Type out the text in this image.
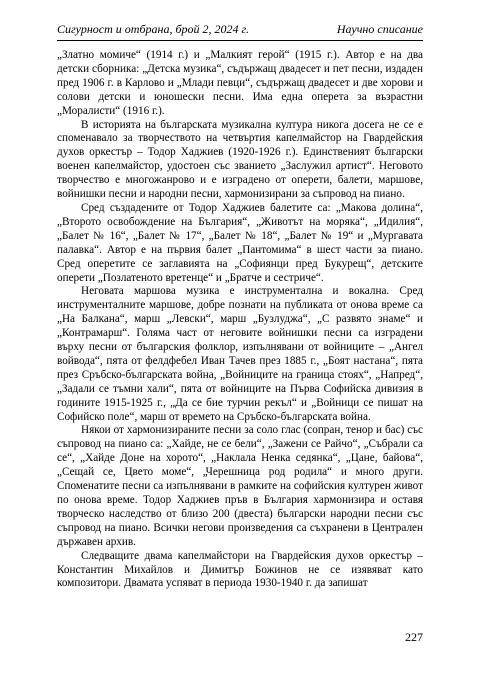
Сигурност и отбрана, брой 2, 2024 г.	Научно списание

„Златно момиче“ (1914 г.) и „Малкият герой“ (1915 г.). Автор е на два детски сборника: „Детска музика“, съдържащ двадесет и пет песни, издаден пред 1906 г. в Карлово и „Млади певци“, съдържащ двадесет и две хорови и солови детски и юношески песни. Има една оперета за възрастни „Моралисти“ (1916 г.).

В историята на българската музикална култура никога досега не се е споменавало за творчеството на четвъртия капелмайстор на Гвардейския духов оркестър – Тодор Хаджиев (1920-1926 г.). Единственият български военен капелмайстор, удостоен със званието „Заслужил артист“. Неговото творчество е многожанрово и е изградено от оперети, балети, маршове, войнишки песни и народни песни, хармонизирани за съпровод на пиано.

Сред създадените от Тодор Хаджиев балетите са: „Макова долина“, „Второто освобождение на България“, „Животът на моряка“, „Идилия“, „Балет № 16“, „Балет № 17“, „Балет № 18“, „Балет № 19“ и „Мургавата палавка“. Автор е на първия балет „Пантомима“ в шест части за пиано. Сред оперетите се заглавията на „Софиянци пред Букурещ“, детските оперети „Позлатеното вретенце“ и „Братче и сестриче“.

Неговата маршова музика е инструментална и вокална. Сред инструменталните маршове, добре познати на публиката от онова време са „На Балкана“, марш „Левски“, марш „Бузлуджа“, „С развято знаме“ и „Контрамарш“. Голяма част от неговите войнишки песни са изградени върху песни от българския фолклор, изпълнявани от войниците – „Ангел войвода“, пята от фелдфебел Иван Тачев през 1885 г., „Боят настана“, пята през Сръбско-българската война, „Войниците на граница стоях“, „Напред“, „Задали се тъмни хали“, пята от войниците на Първа Софийска дивизия в годините 1915-1925 г., „Да се бие турчин рекъл“ и „Войници се пишат на Софийско поле“, марш от времето на Сръбско-българската война.

Някои от хармонизираните песни за соло глас (сопран, тенор и бас) със съпровод на пиано са: „Хайде, не се бели“, „Зажени се Райчо“, „Събрали са се“, „Хайде Доне на хорото“, „Наклала Ненка седянка“, „Цане, байова“, „Сещай се, Цвето моме“, „Черешница род родила“ и много други. Споменатите песни са изпълнявани в рамките на софийския културен живот по онова време. Тодор Хаджиев пръв в България хармонизира и оставя творческо наследство от близо 200 (двеста) български народни песни със съпровод на пиано. Всички негови произведения са съхранени в Централен държавен архив.

Следващите двама капелмайстори на Гвардейския духов оркестър – Константин Михайлов и Димитър Божинов не се изявяват като композитори. Двамата успяват в периода 1930-1940 г. да запишат

227
